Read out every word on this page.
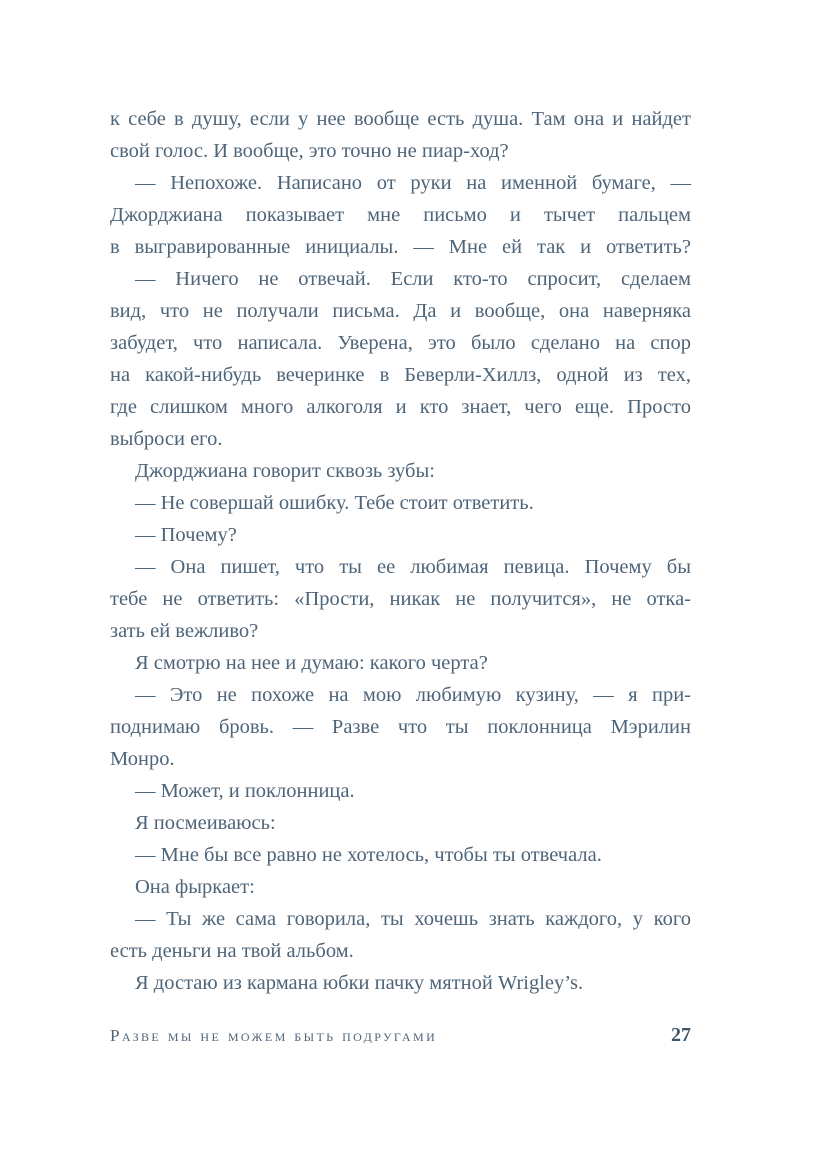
к себе в душу, если у нее вообще есть душа. Там она и найдет
свой голос. И вообще, это точно не пиар-ход?
— Непохоже. Написано от руки на именной бумаге, —
Джорджиана показывает мне письмо и тычет пальцем
в выгравированные инициалы. — Мне ей так и ответить?
— Ничего не отвечай. Если кто-то спросит, сделаем
вид, что не получали письма. Да и вообще, она наверняка
забудет, что написала. Уверена, это было сделано на спор
на какой-нибудь вечеринке в Беверли-Хиллз, одной из тех,
где слишком много алкоголя и кто знает, чего еще. Просто
выброси его.
Джорджиана говорит сквозь зубы:
— Не совершай ошибку. Тебе стоит ответить.
— Почему?
— Она пишет, что ты ее любимая певица. Почему бы
тебе не ответить: «Прости, никак не получится», не отка-
зать ей вежливо?
Я смотрю на нее и думаю: какого черта?
— Это не похоже на мою любимую кузину, — я при-
поднимаю бровь. — Разве что ты поклонница Мэрилин
Монро.
— Может, и поклонница.
Я посмеиваюсь:
— Мне бы все равно не хотелось, чтобы ты отвечала.
Она фыркает:
— Ты же сама говорила, ты хочешь знать каждого, у кого
есть деньги на твой альбом.
Я достаю из кармана юбки пачку мятной Wrigley’s.
Разве мы не можем быть подругами	27
